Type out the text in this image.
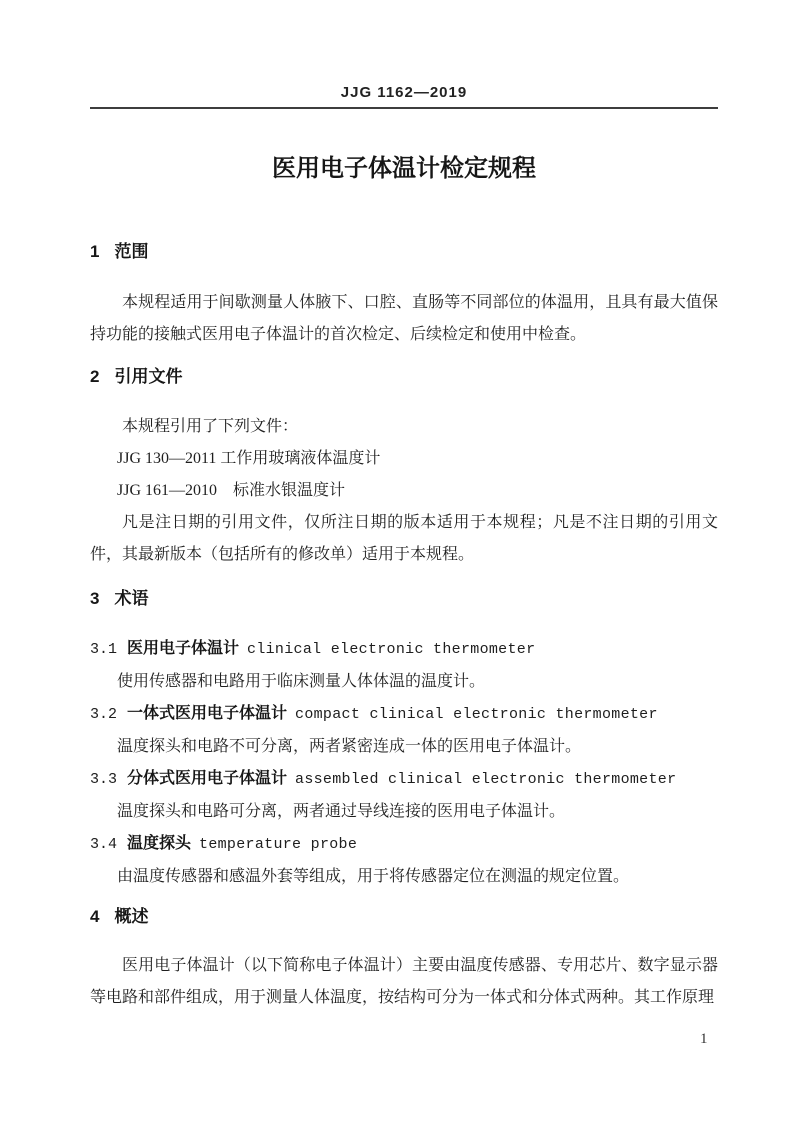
JJG 1162—2019
医用电子体温计检定规程
1 范围
本规程适用于间歇测量人体腋下、口腔、直肠等不同部位的体温用，且具有最大值保持功能的接触式医用电子体温计的首次检定、后续检定和使用中检查。
2 引用文件
本规程引用了下列文件：
JJG 130—2011 工作用玻璃液体温度计
JJG 161—2010　标准水银温度计
凡是注日期的引用文件，仅所注日期的版本适用于本规程；凡是不注日期的引用文件，其最新版本（包括所有的修改单）适用于本规程。
3 术语
3.1 医用电子体温计 clinical electronic thermometer
使用传感器和电路用于临床测量人体体温的温度计。
3.2 一体式医用电子体温计 compact clinical electronic thermometer
温度探头和电路不可分离，两者紧密连成一体的医用电子体温计。
3.3 分体式医用电子体温计 assembled clinical electronic thermometer
温度探头和电路可分离，两者通过导线连接的医用电子体温计。
3.4 温度探头 temperature probe
由温度传感器和感温外套等组成，用于将传感器定位在测温的规定位置。
4 概述
医用电子体温计（以下简称电子体温计）主要由温度传感器、专用芯片、数字显示器等电路和部件组成，用于测量人体温度，按结构可分为一体式和分体式两种。其工作原理
1
